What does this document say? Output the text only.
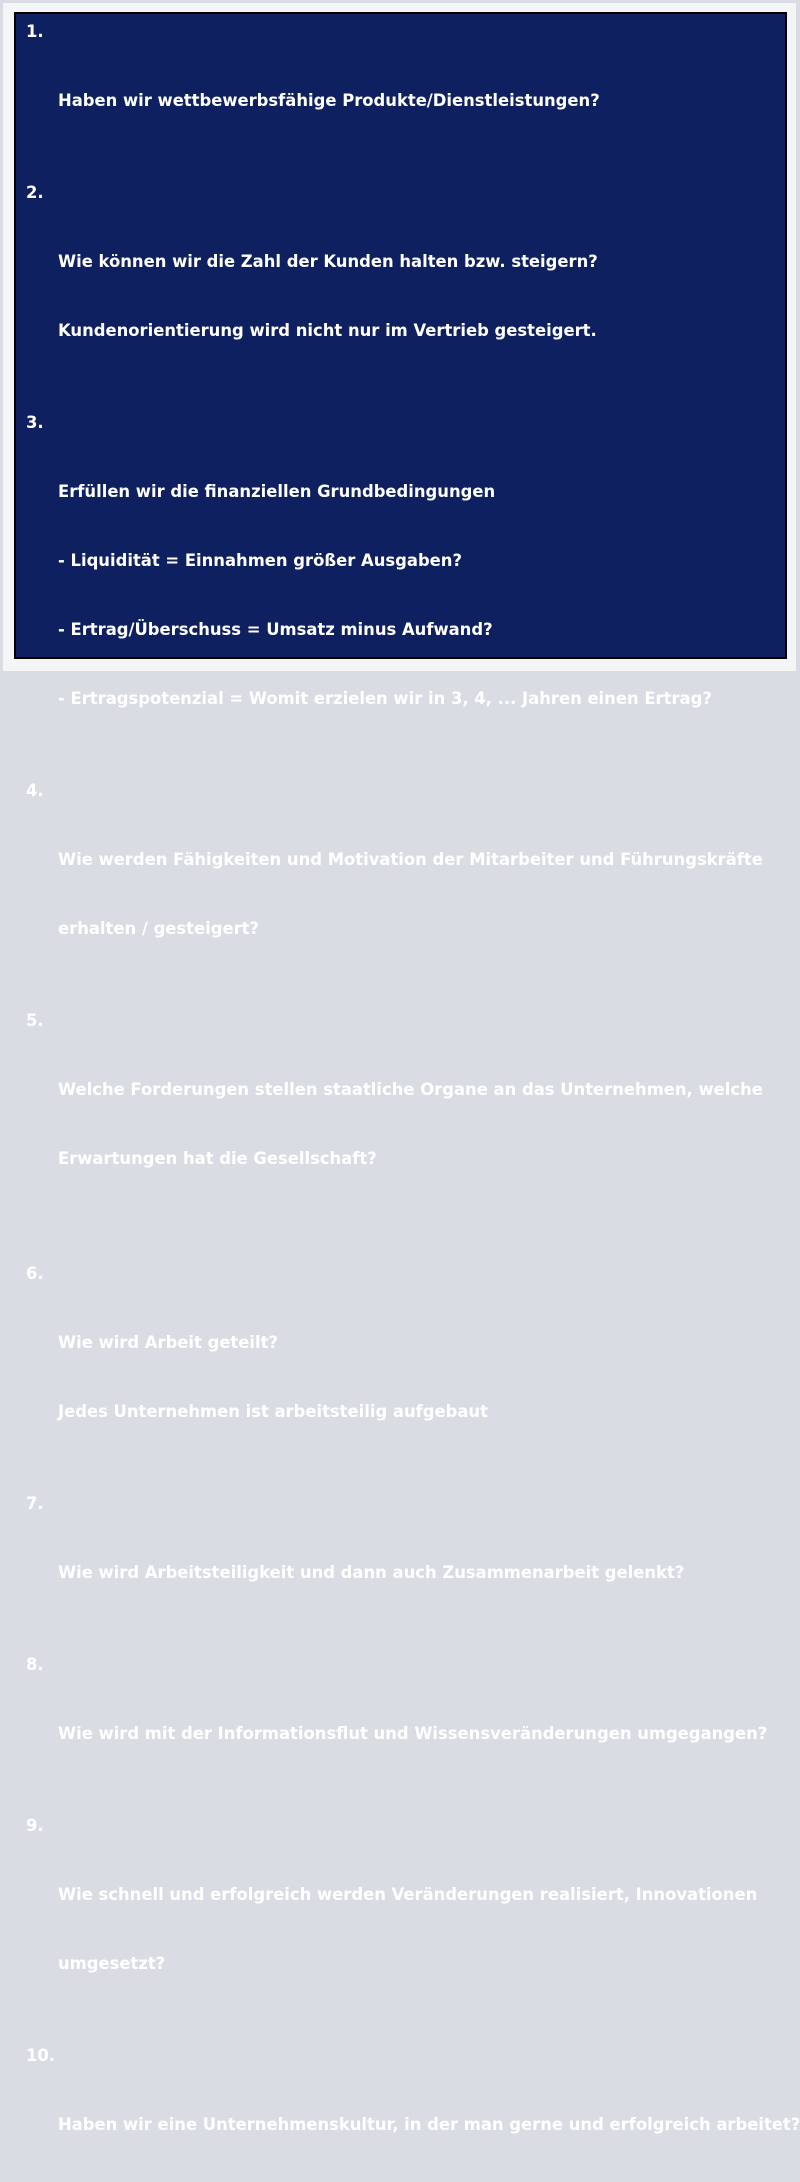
1.

Haben wir wettbewerbsfähige Produkte/Dienstleistungen?

2.

Wie können wir die Zahl der Kunden halten bzw. steigern?

Kundenorientierung wird nicht nur im Vertrieb gesteigert.

3.

Erfüllen wir die finanziellen Grundbedingungen

- Liquidität = Einnahmen größer Ausgaben?

- Ertrag/Überschuss = Umsatz minus Aufwand?

- Ertragspotenzial = Womit erzielen wir in 3, 4, ... Jahren einen Ertrag?

4.

Wie werden Fähigkeiten und Motivation der Mitarbeiter und Führungskräfte

erhalten / gesteigert?

5.

Welche Forderungen stellen staatliche Organe an das Unternehmen, welche

Erwartungen hat die Gesellschaft?

6.

Wie wird Arbeit geteilt?

Jedes Unternehmen ist arbeitsteilig aufgebaut

7.

Wie wird Arbeitsteiligkeit und dann auch Zusammenarbeit gelenkt?

8.

Wie wird mit der Informationsflut und Wissensveränderungen umgegangen?

9.

Wie schnell und erfolgreich werden Veränderungen realisiert, Innovationen

umgesetzt?

10.

Haben wir eine Unternehmenskultur, in der man gerne und erfolgreich arbeitet?
